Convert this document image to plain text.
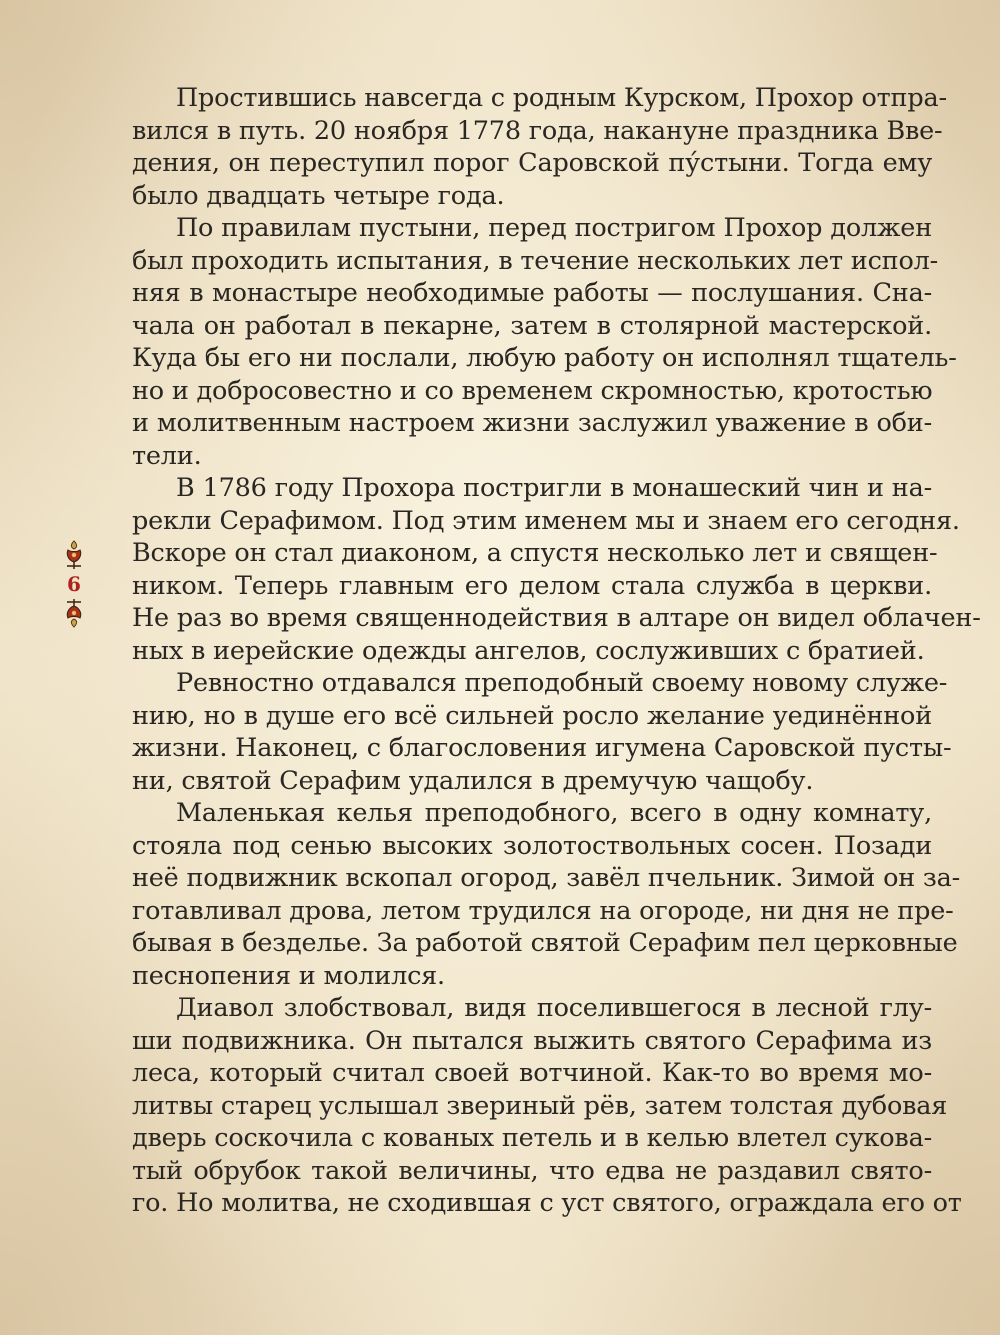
6
Простившись навсегда с родным Курском, Прохор отпра-
вился в путь. 20 ноября 1778 года, накануне праздника Вве-
дения, он переступил порог Саровской пу́стыни. Тогда ему
было двадцать четыре года.
По правилам пустыни, перед постригом Прохор должен
был проходить испытания, в течение нескольких лет испол-
няя в монастыре необходимые работы — послушания. Сна-
чала он работал в пекарне, затем в столярной мастерской.
Куда бы его ни послали, любую работу он исполнял тщатель-
но и добросовестно и со временем скромностью, кротостью
и молитвенным настроем жизни заслужил уважение в оби-
тели.
В 1786 году Прохора постригли в монашеский чин и на-
рекли Серафимом. Под этим именем мы и знаем его сегодня.
Вскоре он стал диаконом, а спустя несколько лет и священ-
ником. Теперь главным его делом стала служба в церкви.
Не раз во время священнодействия в алтаре он видел облачен-
ных в иерейские одежды ангелов, сослуживших с братией.
Ревностно отдавался преподобный своему новому служе-
нию, но в душе его всё сильней росло желание уединённой
жизни. Наконец, с благословения игумена Саровской пусты-
ни, святой Серафим удалился в дремучую чащобу.
Маленькая келья преподобного, всего в одну комнату,
стояла под сенью высоких золотоствольных сосен. Позади
неё подвижник вскопал огород, завёл пчельник. Зимой он за-
готавливал дрова, летом трудился на огороде, ни дня не пре-
бывая в безделье. За работой святой Серафим пел церковные
песнопения и молился.
Диавол злобствовал, видя поселившегося в лесной глу-
ши подвижника. Он пытался выжить святого Серафима из
леса, который считал своей вотчиной. Как-то во время мо-
литвы старец услышал звериный рёв, затем толстая дубовая
дверь соскочила с кованых петель и в келью влетел сукова-
тый обрубок такой величины, что едва не раздавил свято-
го. Но молитва, не сходившая с уст святого, ограждала его от
